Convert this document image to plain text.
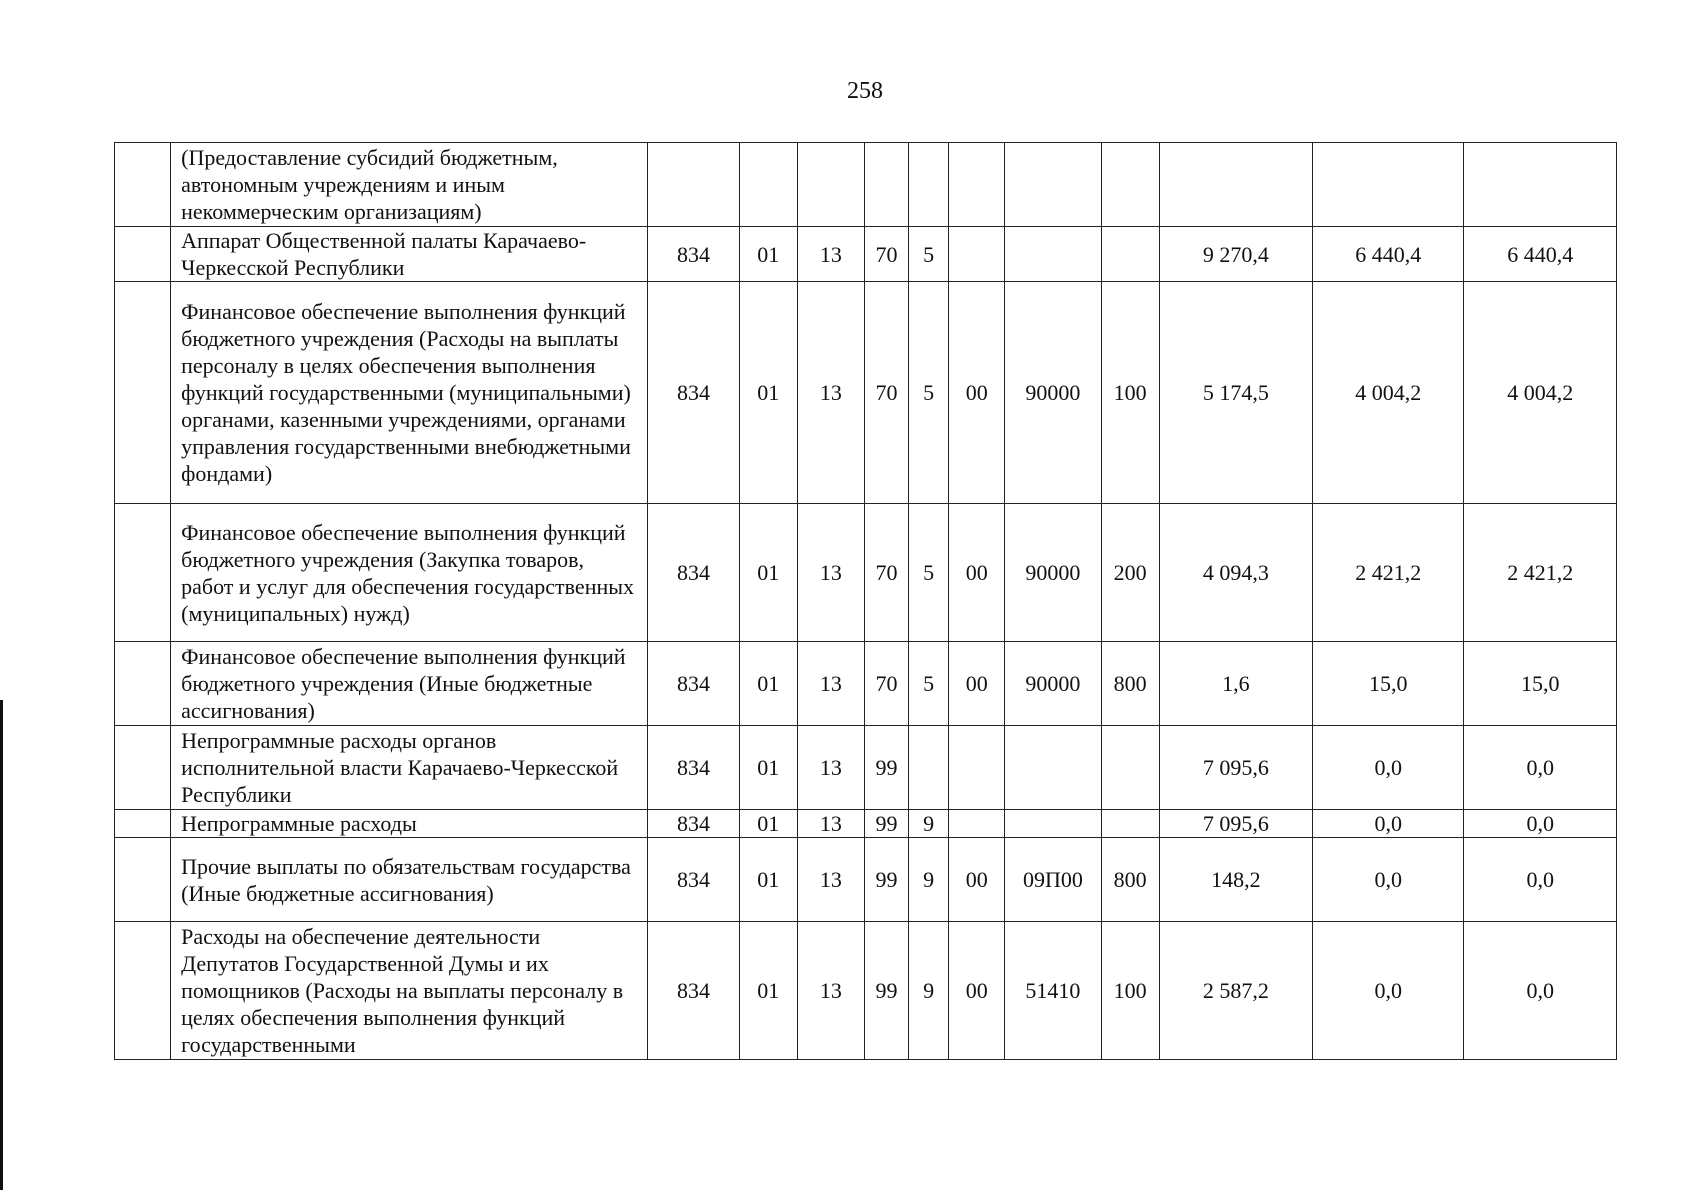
258
	(Предоставление субсидий бюджетным, автономным учреждениям и иным некоммерческим организациям)											
	Аппарат Общественной палаты Карачаево-Черкесской Республики	834	01	13	70	5				9 270,4	6 440,4	6 440,4
	Финансовое обеспечение выполнения функций бюджетного учреждения (Расходы на выплаты персоналу в целях обеспечения выполнения функций государственными (муниципальными) органами, казенными учреждениями, органами управления государственными внебюджетными фондами)	834	01	13	70	5	00	90000	100	5 174,5	4 004,2	4 004,2
	Финансовое обеспечение выполнения функций бюджетного учреждения (Закупка товаров, работ и услуг для обеспечения государственных (муниципальных) нужд)	834	01	13	70	5	00	90000	200	4 094,3	2 421,2	2 421,2
	Финансовое обеспечение выполнения функций бюджетного учреждения (Иные бюджетные ассигнования)	834	01	13	70	5	00	90000	800	1,6	15,0	15,0
	Непрограммные расходы органов исполнительной власти Карачаево-Черкесской Республики	834	01	13	99					7 095,6	0,0	0,0
	Непрограммные расходы	834	01	13	99	9				7 095,6	0,0	0,0
	Прочие выплаты по обязательствам государства (Иные бюджетные ассигнования)	834	01	13	99	9	00	09П00	800	148,2	0,0	0,0
	Расходы на обеспечение деятельности Депутатов Государственной Думы и их помощников (Расходы на выплаты персоналу в целях обеспечения выполнения функций государственными	834	01	13	99	9	00	51410	100	2 587,2	0,0	0,0
